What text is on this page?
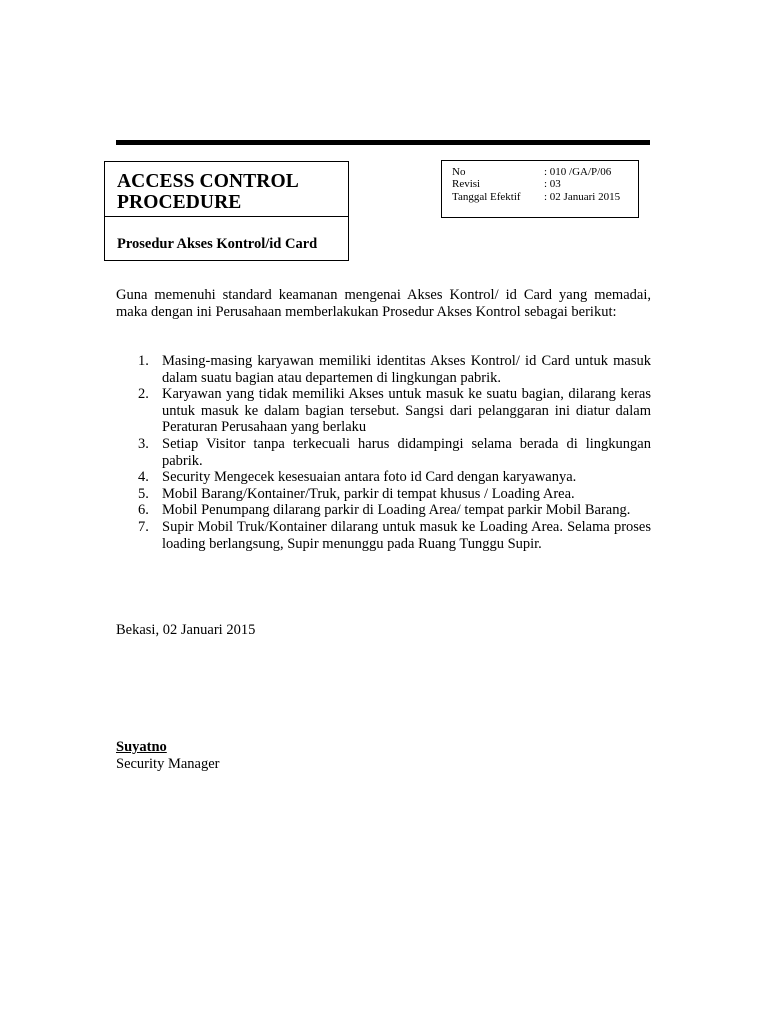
ACCESS CONTROL PROCEDURE
Prosedur Akses Kontrol/id Card
No	: 010 /GA/P/06
Revisi	: 03
Tanggal Efektif : 02 Januari 2015
Guna memenuhi standard keamanan mengenai Akses Kontrol/ id Card yang memadai, maka dengan ini Perusahaan memberlakukan Prosedur Akses Kontrol sebagai berikut:
1. Masing-masing karyawan memiliki identitas Akses Kontrol/ id Card untuk masuk dalam suatu bagian atau departemen di lingkungan pabrik.
2. Karyawan yang tidak memiliki Akses untuk masuk ke suatu bagian, dilarang keras untuk masuk ke dalam bagian tersebut. Sangsi dari pelanggaran ini diatur dalam Peraturan Perusahaan yang berlaku
3. Setiap Visitor tanpa terkecuali harus didampingi selama berada di lingkungan pabrik.
4. Security Mengecek kesesuaian antara foto id Card dengan karyawanya.
5. Mobil Barang/Kontainer/Truk, parkir di tempat khusus / Loading Area.
6. Mobil Penumpang dilarang parkir di Loading Area/ tempat parkir Mobil Barang.
7. Supir Mobil Truk/Kontainer dilarang untuk masuk ke Loading Area. Selama proses loading berlangsung, Supir menunggu pada Ruang Tunggu Supir.
Bekasi, 02 Januari 2015
Suyatno
Security Manager
